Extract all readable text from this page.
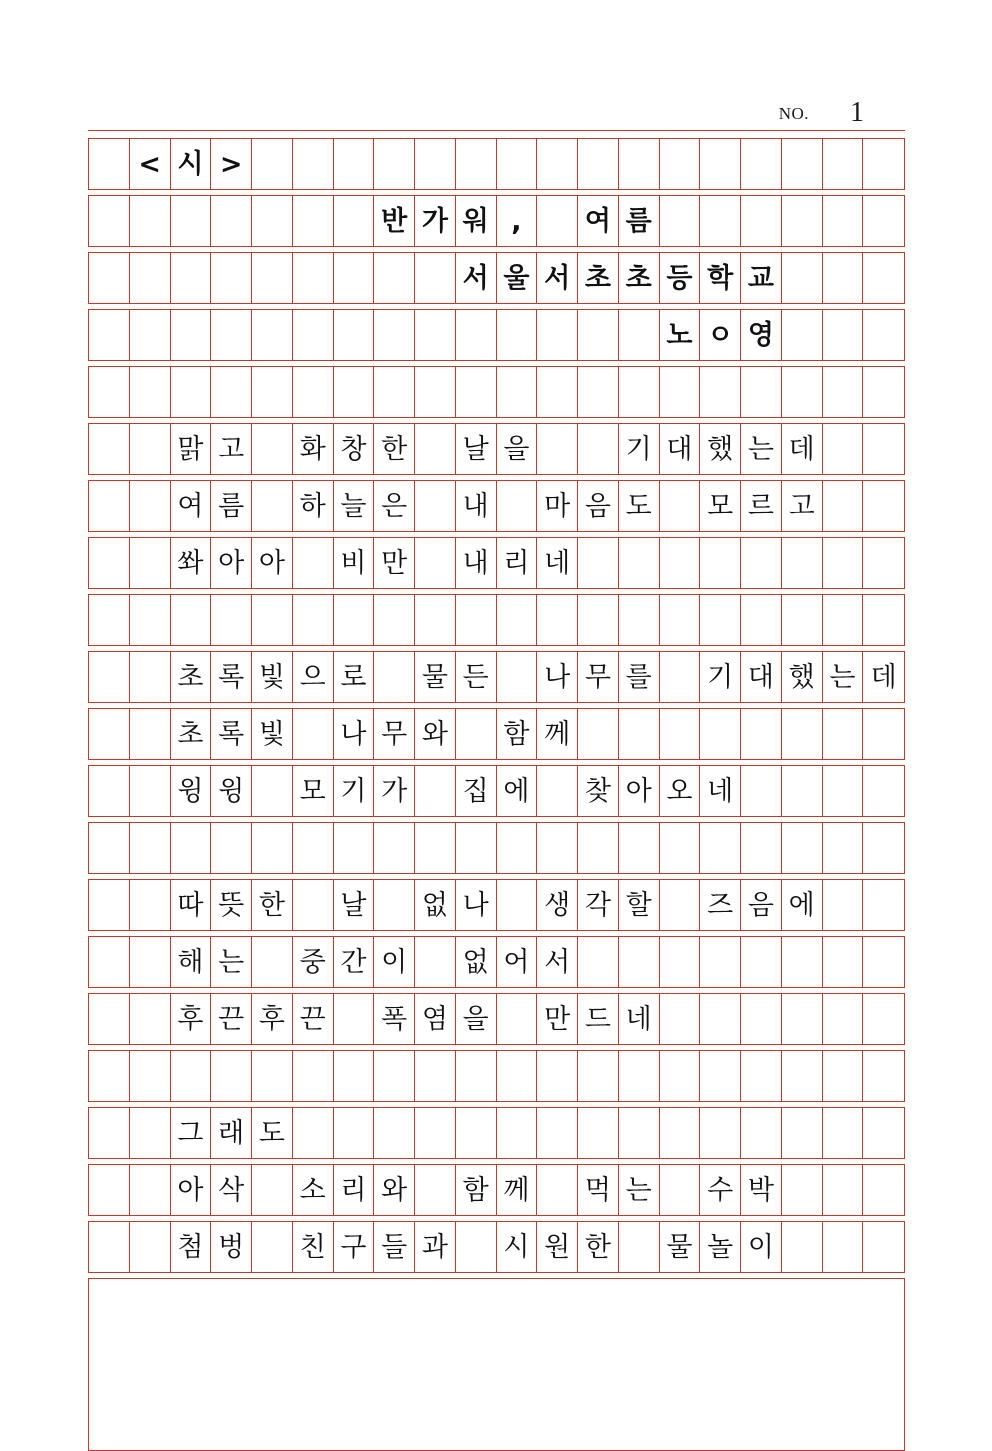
NO.	1
< 시 >
반 가 워 ,	여 름
서 울 서 초 초 등 학 교
노 ㅇ 영
맑 고 화 창 한 날 을	기 대 했 는 데
여 름 하 늘 은 내 마 음 도 모 르 고
쏴 아 아 비 만 내 리 네
초 록 빛 으 로 물 든 나 무 를 기 대 했 는 데
초 록 빛 나 무 와 함 께
윙 윙 모 기 가 집 에 찾 아 오 네
따 뜻 한 날 없 나 생 각 할 즈 음 에
해 는 중 간 이 없 어 서
후 끈 후 끈 폭 염 을 만 드 네
그 래 도
아 삭 소 리 와 함 께 먹 는 수 박
첨 벙 친 구 들 과 시 원 한 물 놀 이
